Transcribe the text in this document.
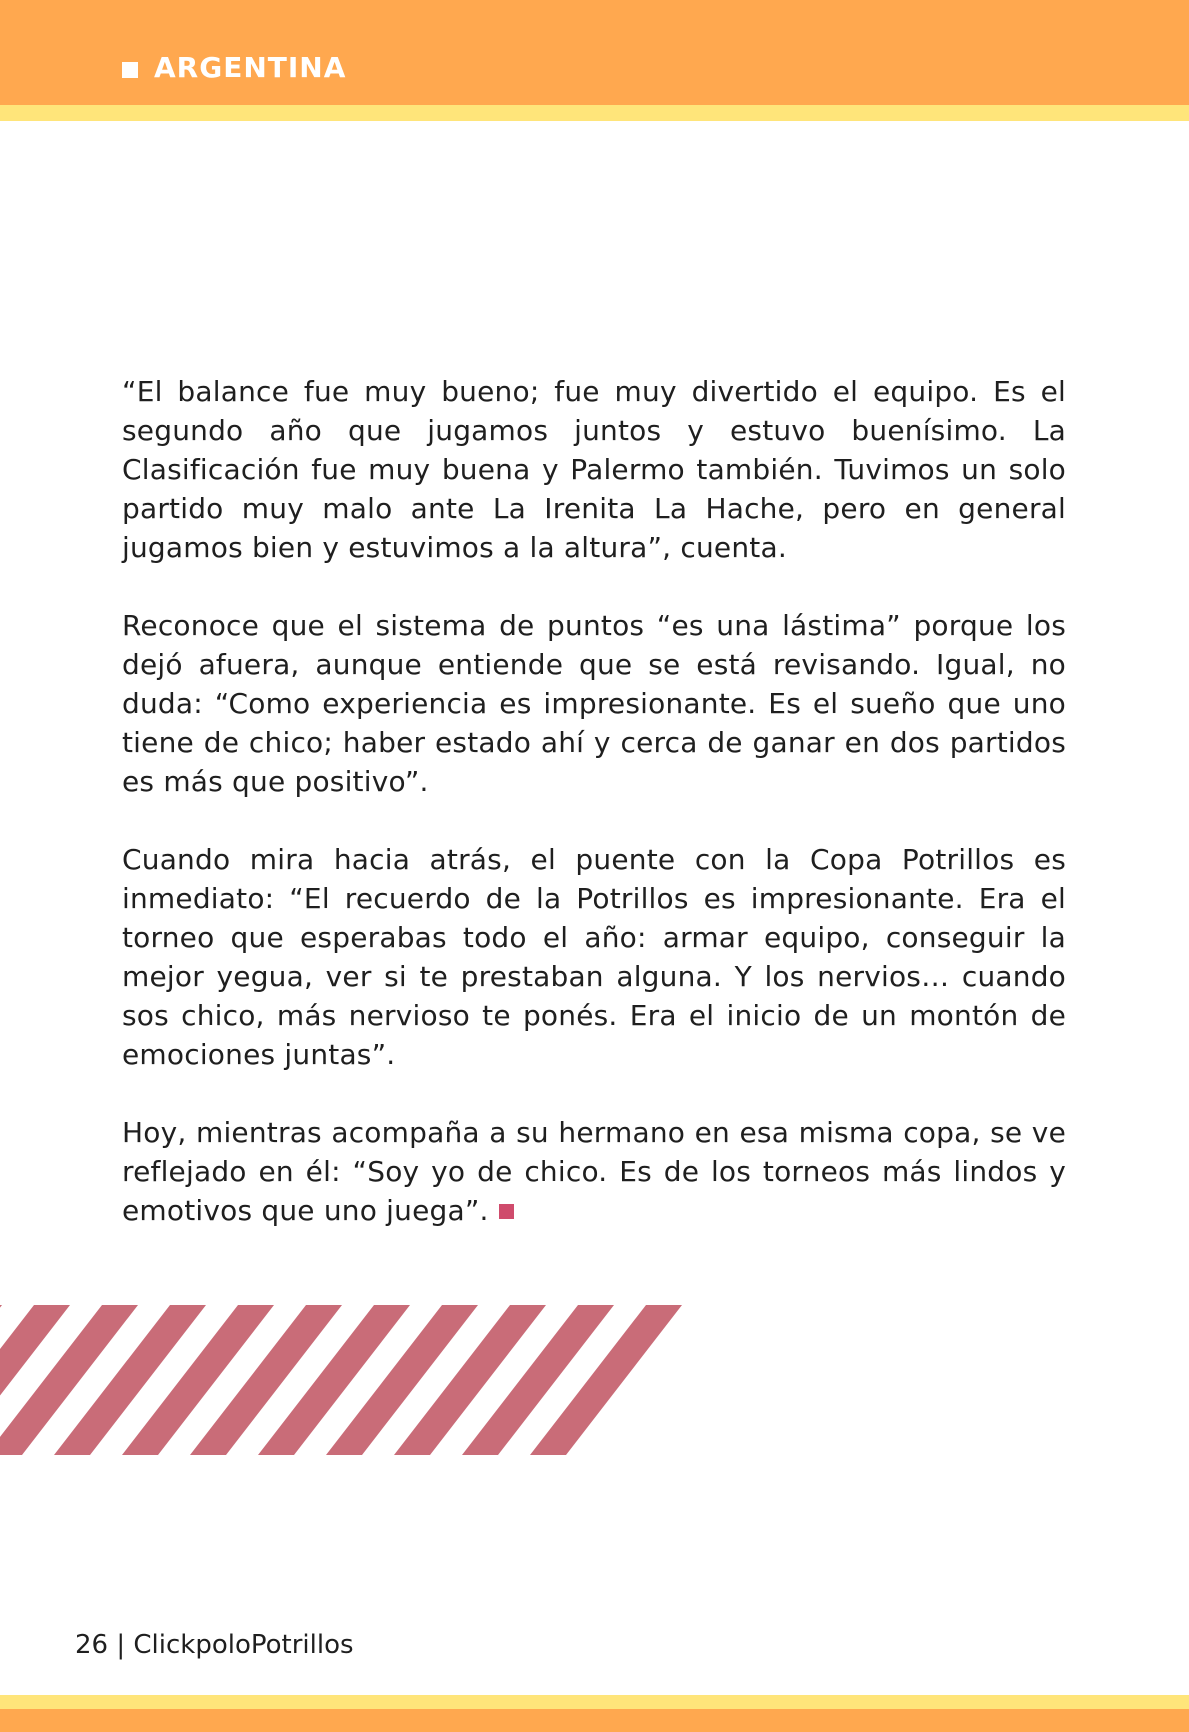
ARGENTINA

“El balance fue muy bueno; fue muy divertido el equipo. Es el segundo año que jugamos juntos y estuvo buenísimo. La Clasificación fue muy buena y Palermo también. Tuvimos un solo partido muy malo ante La Irenita La Hache, pero en general jugamos bien y estuvimos a la altura”, cuenta.

Reconoce que el sistema de puntos “es una lástima” porque los dejó afuera, aunque entiende que se está revisando. Igual, no duda: “Como experiencia es impresionante. Es el sueño que uno tiene de chico; haber estado ahí y cerca de ganar en dos partidos es más que positivo”.

Cuando mira hacia atrás, el puente con la Copa Potrillos es inmediato: “El recuerdo de la Potrillos es impresionante. Era el torneo que esperabas todo el año: armar equipo, conseguir la mejor yegua, ver si te prestaban alguna. Y los nervios… cuando sos chico, más nervioso te ponés. Era el inicio de un montón de emociones juntas”.

Hoy, mientras acompaña a su hermano en esa misma copa, se ve reflejado en él: “Soy yo de chico. Es de los torneos más lindos y emotivos que uno juega”.

26 | ClickpoloPotrillos
